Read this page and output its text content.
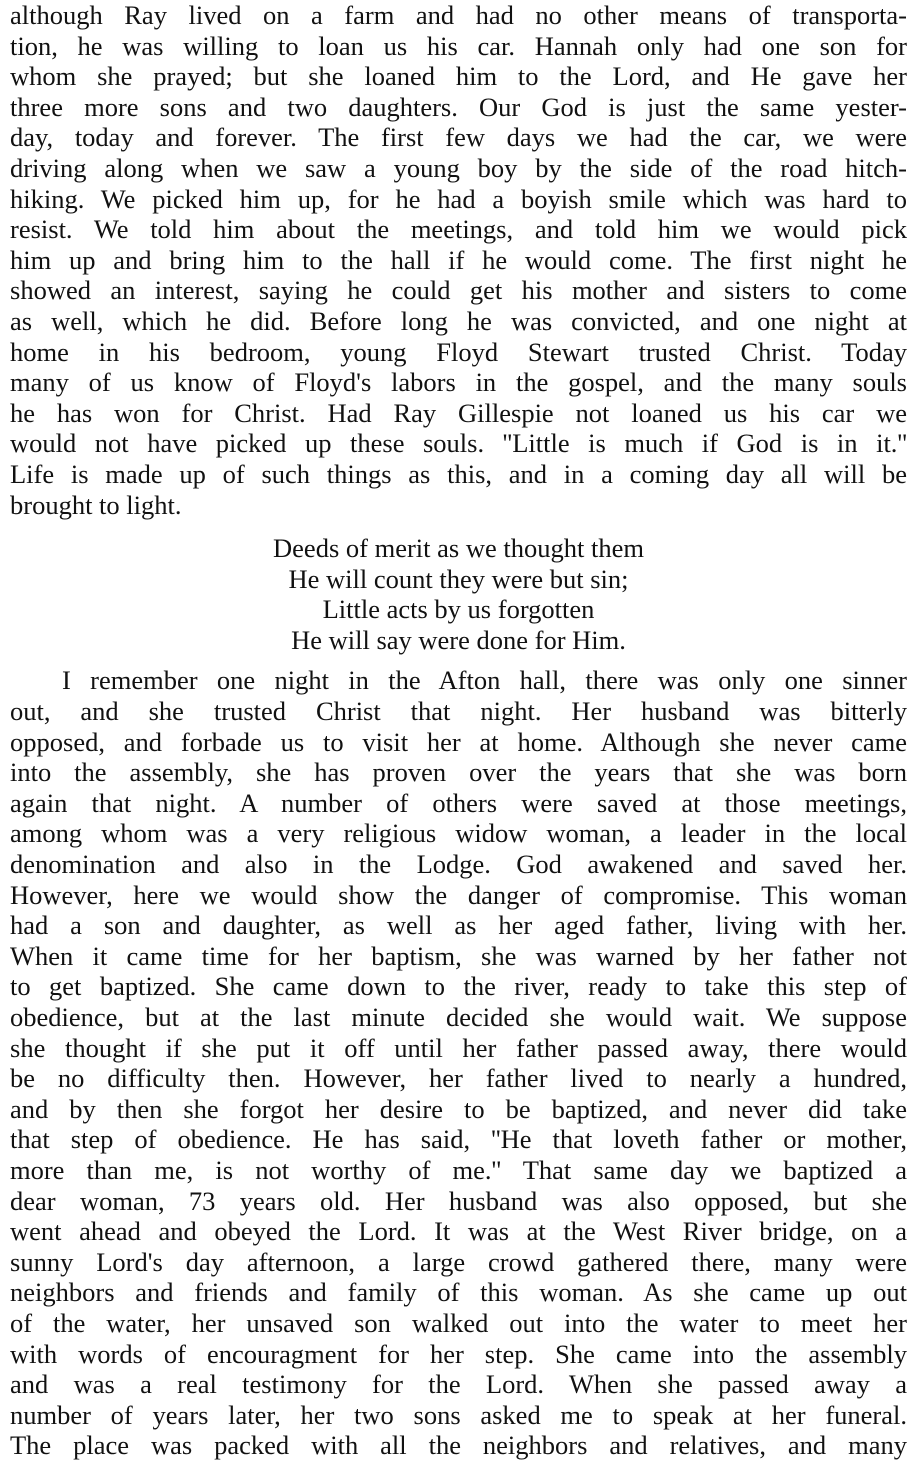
although Ray lived on a farm and had no other means of transporta-
tion, he was willing to loan us his car. Hannah only had one son for
whom she prayed; but she loaned him to the Lord, and He gave her
three more sons and two daughters. Our God is just the same yester-
day, today and forever. The first few days we had the car, we were
driving along when we saw a young boy by the side of the road hitch-
hiking. We picked him up, for he had a boyish smile which was hard to
resist. We told him about the meetings, and told him we would pick
him up and bring him to the hall if he would come. The first night he
showed an interest, saying he could get his mother and sisters to come
as well, which he did. Before long he was convicted, and one night at
home in his bedroom, young Floyd Stewart trusted Christ. Today
many of us know of Floyd's labors in the gospel, and the many souls
he has won for Christ. Had Ray Gillespie not loaned us his car we
would not have picked up these souls. ''Little is much if God is in it.''
Life is made up of such things as this, and in a coming day all will be
brought to light.
Deeds of merit as we thought them
He will count they were but sin;
Little acts by us forgotten
He will say were done for Him.
I remember one night in the Afton hall, there was only one sinner
out, and she trusted Christ that night. Her husband was bitterly
opposed, and forbade us to visit her at home. Although she never came
into the assembly, she has proven over the years that she was born
again that night. A number of others were saved at those meetings,
among whom was a very religious widow woman, a leader in the local
denomination and also in the Lodge. God awakened and saved her.
However, here we would show the danger of compromise. This woman
had a son and daughter, as well as her aged father, living with her.
When it came time for her baptism, she was warned by her father not
to get baptized. She came down to the river, ready to take this step of
obedience, but at the last minute decided she would wait. We suppose
she thought if she put it off until her father passed away, there would
be no difficulty then. However, her father lived to nearly a hundred,
and by then she forgot her desire to be baptized, and never did take
that step of obedience. He has said, ''He that loveth father or mother,
more than me, is not worthy of me.'' That same day we baptized a
dear woman, 73 years old. Her husband was also opposed, but she
went ahead and obeyed the Lord. It was at the West River bridge, on a
sunny Lord's day afternoon, a large crowd gathered there, many were
neighbors and friends and family of this woman. As she came up out
of the water, her unsaved son walked out into the water to meet her
with words of encouragment for her step. She came into the assembly
and was a real testimony for the Lord. When she passed away a
number of years later, her two sons asked me to speak at her funeral.
The place was packed with all the neighbors and relatives, and many
